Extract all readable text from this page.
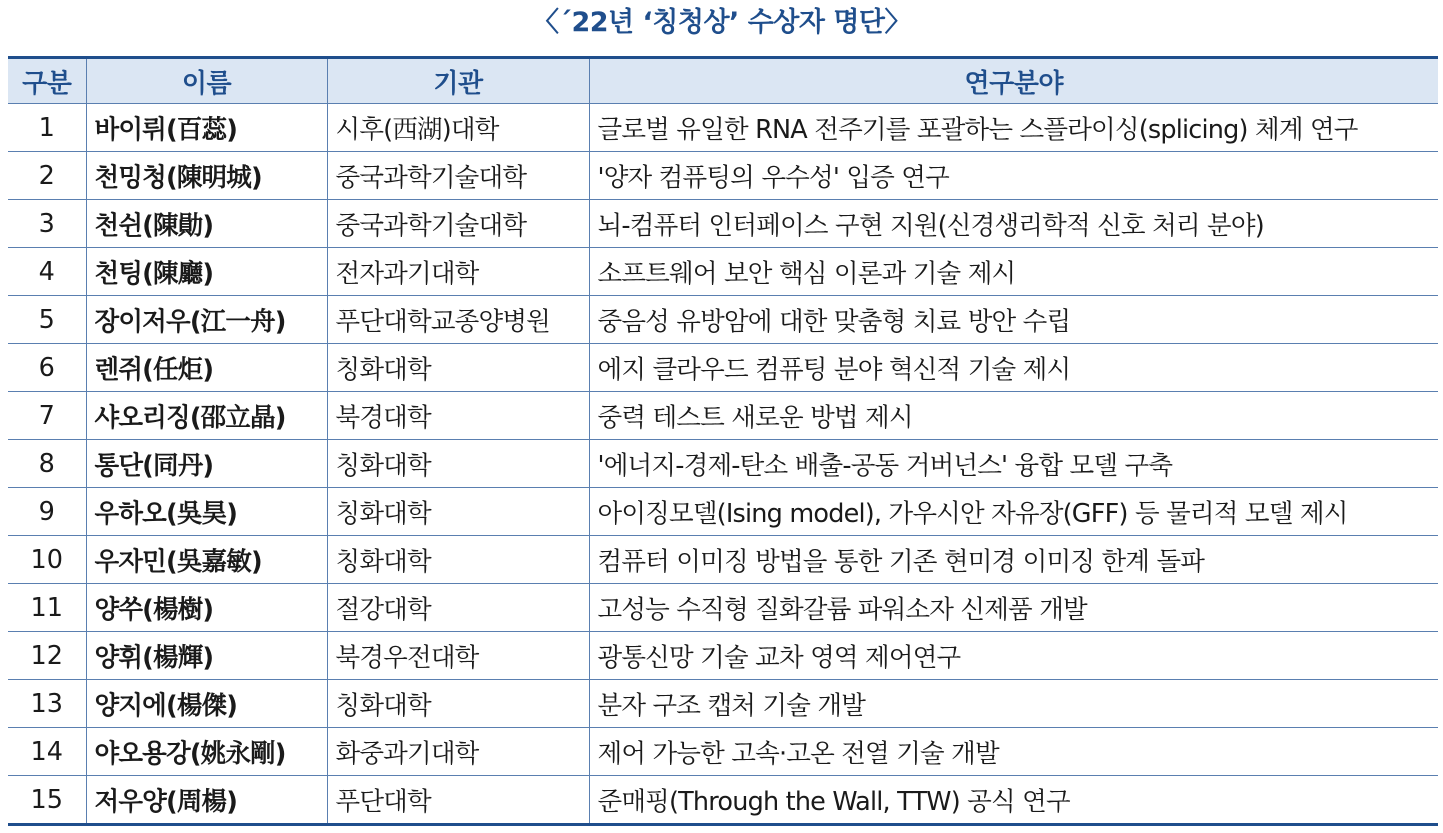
〈´22년 ‘칭청상’ 수상자 명단〉
구분	이름	기관	연구분야
1	바이뤼(百蕊)	시후(西湖)대학	글로벌 유일한 RNA 전주기를 포괄하는 스플라이싱(splicing) 체계 연구
2	천밍청(陳明城)	중국과학기술대학	'양자 컴퓨팅의 우수성' 입증 연구
3	천쉰(陳勛)	중국과학기술대학	뇌-컴퓨터 인터페이스 구현 지원(신경생리학적 신호 처리 분야)
4	천팅(陳廳)	전자과기대학	소프트웨어 보안 핵심 이론과 기술 제시
5	장이저우(江一舟)	푸단대학교종양병원	중음성 유방암에 대한 맞춤형 치료 방안 수립
6	렌쥐(任炬)	칭화대학	에지 클라우드 컴퓨팅 분야 혁신적 기술 제시
7	샤오리징(邵立晶)	북경대학	중력 테스트 새로운 방법 제시
8	통단(同丹)	칭화대학	'에너지-경제-탄소 배출-공동 거버넌스' 융합 모델 구축
9	우하오(吳昊)	칭화대학	아이징모델(Ising model), 가우시안 자유장(GFF) 등 물리적 모델 제시
10	우자민(吳嘉敏)	칭화대학	컴퓨터 이미징 방법을 통한 기존 현미경 이미징 한계 돌파
11	양쑤(楊樹)	절강대학	고성능 수직형 질화갈륨 파워소자 신제품 개발
12	양휘(楊輝)	북경우전대학	광통신망 기술 교차 영역 제어연구
13	양지에(楊傑)	칭화대학	분자 구조 캡처 기술 개발
14	야오용강(姚永剛)	화중과기대학	제어 가능한 고속·고온 전열 기술 개발
15	저우양(周楊)	푸단대학	준매핑(Through the Wall, TTW) 공식 연구
